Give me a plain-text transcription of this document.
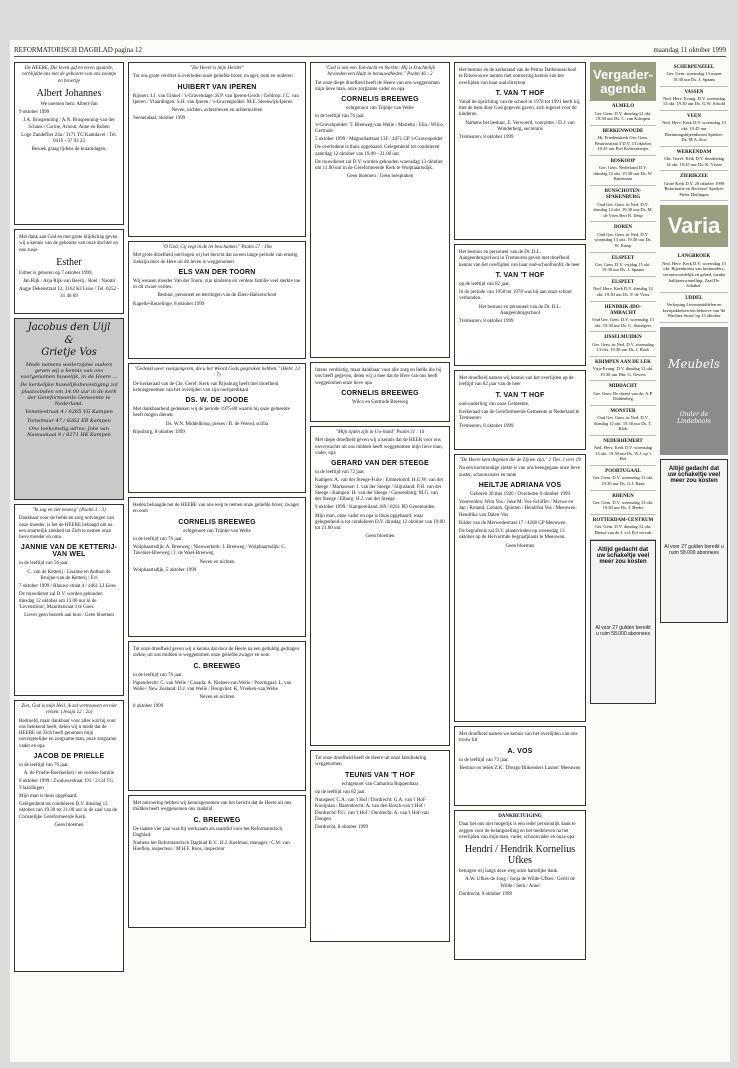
REFORMATORISCH DAGBLAD pagina 12	maandag 11 oktober 1999
De HEERE, Die leven gaf en leven spaarde, verblijdde ons met de geboorte van ons zoontje en broertje
Albert Johannes
We noemen hem: Albert-Jan
9 oktober 1999
J.A. Bruspenning / A.N. Bruspenning-van der Schans / Corine, Arnout, Anne en Ruben
Loge Zandeflier 24a / 3171 TG Kantdavel / Tel. 0416 - 37 93 23
Bezoek graag tijdens de kraamdagen.
Met dank aan God en met grote blijdschap geven wij u kennis van de geboorte van onze dochter en ons zusje
Esther
Esther is geboren op 7 oktober 1999.
Jan Rijk / Arja Rijk-van Beerij / Roel / Naomi
Aagje Dekenstraat 12, 3162 KJ Lisse / Tel. 0252 - 41 46 69
Jacobus den Uijl
&
Grietje Vos
Mede namens wederzijdse ouders geven wij u kennis van ons voorgenomen huwelijk, in de Heere ...
De kerkelijke huwelijksbevestiging zal plaatsvinden om 14.00 uur in de kerk der Gereformeerde Gemeente te Nederland.
Venetiestraat 4 / 8265 VG Kampen
Tomsmuur 47 / 8262 EB Kampen
Ons toekomstig adres: Jobs van Nassaukaai 9 / 8271 HK Kampen
"Ik zag en ziet eeuwig" (Psalm 3 : 3)
Dankbaar voor de liefde en zorg ontvangen van onze moeder, is het de HEERE behaagd om na een smartelijk ziekbed tot Zich te nemen onze lieve moeder en oma
JANNIE VAN DE KETTERIJ-VAN WEL
in de leeftijd van 56 jaar.
C. van de Ketterij / Lisanne en Anthon de Bruijne-van de Ketterij / Evi
7 oktober 1999 / Blauwe straat 4 / 4461 LJ Goes
De rouwdienst zal D.V. worden gehouden dinsdag 12 oktober om 13.00 uur in de 'Levensbron', Mauritsstraat 3 te Goes.
Liever geen bezoek aan huis / Geen bloemen
Ziet, God is mijn Heil, ik zal vertrouwen en niet vrezen. (Jesaja 12 : 2a)
Bedroefd, maar dankbaar voor alles wat hij voor ons betekend heeft, delen wij u mede dat de HEERE tot Zich heeft genomen mijn onvergetelijke en zorgzame man, onze zorgzame vader en opa
JACOB DE PRIELLE
in de leeftijd van 76 jaar.
A. de Prielle-Boerkerken / en verdere familie
8 oktober 1999 / Zwaluwestraat 191 / 2134 TG Vlaardingen
Mijn man is thuis opgebaard.
Gelegenheid tot condoleren D.V. dinsdag 12 oktober van 19.30 tot 21.00 uur in de zaal van de Christelijke Gereformeerde Kerk.
Geen bloemen
"Zie Heere is mijn Herder"
Tot ons grote verdriet is overleden onze geliefde broer, zwager, oom en ouderen
HUIBERT VAN IPEREN
Rijssen: J.J. van Ginkel / 's-Gravendage: H.P. van Iperen-Gerds / Geldrop: J.C. van Iperen / Vlaardingen: S.H. van Iperen / 's-Gravenpolder: M.E. Sleenwijk-Iperen
Neven, nichten, achterneven en achternichten
Veenendaal, oktober 1999
"O God, Gij zegt in de let beschamen." Psalm 57 : 19a
Met grote droefheid ontvingen wij het bericht dat na een lange periode van ernstig ziekzijn door de Here uit dit leven is weggenomen
ELS VAN DER TOORN
Wij wensen moeder Van der Toorn, zijn kinderen en verdere familie veel sterkte toe in dit zware verlies.
Bestuur, personeel en leerlingen van de Eben-Haëzerschool
Kapelle-Biezelinge, 8 oktober 1999
"Gedenkt uwer voorgangeren, die u het Woord Gods gesproken hebben." (Hebr. 13 : 7)
De kerkeraad van de Chr. Geref. Kerk van Rijssburg heeft met droefheid kennisgenomen van het overlijden van zijn oud-predikant
DS. W. DE JOODE
Met dankbaarheid gedenken wij de periode 1975-80 waarin hij onze gemeente heeft mogen dienen.
Ds. W.N. Middelkoop, preses / B. de Woerd, scriba
Rijssburg, 8 oktober 1999
Heden behaagde het de HEERE van ons weg te nemen onze geliefde broer, zwager en oom
CORNELIS BREEWEG
echtgenoot van Trijntje van Welie
in de leeftijd van 76 jaar.
Wolphaartsdijk: A. Breeweg / Nieuwerkerk: J. Breeweg / Wolphaartsdijk: C. Tavenier-Breeweg / J. de Wael-Breeweg
Neven en nichten
Wolphaartsdijk, 5 oktober 1999
Tot onze droefheid geven wij u kennis dat door de Heere na een geduldig gedragen ziekte, uit ons midden is weggenomen onze geliefde zwager en oom
C. BREEWEG
in de leeftijd van 76 jaar.
Papendrecht: C. van Welie / Canada: A. Nielsen-van Welie / Poortugaal: L. van Welie / New Zealand: D.J. van Welie / Hoogvliet: K. Vreeken-van Welie
Neven en nichten
8 oktober 1999
Met ontroering hebben wij kennisgenomen van het bericht dat de Heere uit ons midden heeft weggenomen ons raadslid
C. BREEWEG
De laatste vier jaar was hij werkzaam als raadslid voor het Reformatorisch Dagblad.
Namens het Reformatorisch Dagblad B.V.: H.J. Koelman, manager / C.W. van Hoeflen, inspecteur / M.H.F. Roos, inspecteur
"God is ons een Toevlucht en Sterkte; Hij is krachtelijk bevonden een Hulp in benauwdheden." Psalm 46 : 2
Tot onze diepe droefheid heeft de Heere van ons weggenomen mijn lieve man, onze zorgzame vader en opa
CORNELIS BREEWEG
echtgenoot van Trijntje van Welie
in de leeftijd van 76 jaar.
's-Gravenpolder: T. Breeweg-van Welie / Marietta / Ella / Wilco, Gertrude
5 oktober 1999 / Magnoliastraat 13F / 4471 GP 's-Gravenpolder
De overledene is thuis opgebaard. Gelegenheid tot condoleren zaterdag 12 oktober van 19.00 - 21.00 uur.
De rouwdienst zal D.V. worden gehouden woensdag 13 oktober om 11.00 uur in de Gereformeerde Kerk te Wolphaartsdijk.
Geen bloemen / Geen toespraken
Intens verdrietig, maar dankbaar voor alle zorg en liefde die hij ons heeft gegeven, delen wij u mee dat de Here van ons heeft weggenomen onze lieve opa
CORNELIS BREEWEG
Wilco en Gertrude Breeweg
"Mijn tijden zijn in Uw hand" Psalm 31 : 16
Met diepe droefheid geven wij u kennis dat de HEER voor ons onverwachts uit ons midden heeft weggenomen mijn lieve man, vader, opa
GERARD VAN DER STEEGE
in de leeftijd van 72 jaar.
Kampen: A. van der Steege-Fuite / Emmeloord: H.G.W. van der Steege / Marknesse: J. van der Steege / Stijnsland: P.H. van der Steege / Kampen: H. van der Steege / Giessenburg: M.G. van der Steege / Elburg: H.J. van der Steege
9 oktober 1999 / Kampereiland 169 / 8261 PD Genemuiden
Mijn man, onze vader en opa is thuis opgebaard, waar gelegenheid is tot condoleren D.V. dinsdag 12 oktober van 19.00 tot 21.00 uur.
Geen bloemen
Tot onze droefheid heeft de Heere uit onze familiekring weggenomen
TEUNIS VAN 'T HOF
echtgenoot van Catharina Ruppenbaar
op de leeftijd van 82 jaar.
Nunspeet: C.A. van 't Hof / Dordrecht: G.A. van 't Hof-Kooijman / Barendrecht: A. van den Bosch-van 't Hof / Dordrecht: P.G. van 't Hof / Dordrecht: A. van 't Hof-van Dongen
Dordrecht, 8 oktober 1999
Het bestuur en de kerkeraad van de Petrus Dathenusschool te Ritsswouwe nemen met ontroering kennis van het overlijden van haar oud-directeur
T. VAN 'T HOF
Vanaf de oprichting van de school in 1978 tot 1991 heeft hij, met de hem door God gegeven gaven, zich ingezet voor de kinderen.
Namens het bestuur, E. Verwoerd, voorzitter / D.J. van Wonderberg, secretaris
Tremeuren, 8 oktober 1999
Het bestuur en personeel van de Dr. D.L. Aangeenbrugschool in Tremeuren geven met droefheid kennis van het overlijden van haar oud-schoolhoofd, de heer
T. VAN 'T HOF
op de leeftijd van 82 jaar.
In de periode van 1958 tot 1978 was hij aan onze school verbonden.
Het bestuur en personeel van de Dr. D.L. Aangeenbrugschool
Tremeuren, 8 oktober 1999
Met droefheid namen wij kennis van het overlijden op de leeftijd van 82 jaar van de heer
T. VAN 'T HOF
oud-ouderling van onze Gemeente.
Kerkeraad van de Gereformeerde Gemeente in Nederland te Tremeuren
Tremeuren, 8 oktober 1999
"De Heere kent degenen die de Zijnen zijn." 2 Tim. 2 vers 19
Na een kortstondige ziekte is van ons heengegaan onze lieve zuster, schoonzuster en tante
HEILTJE ADRIANA VOS
Geboren 28 mei 1926 / Overleden 6 oktober 1999
Voorvelden: Wim Vos / Joke M. Vos-Schiffer / Merwe en Jan / Roland, Corsten, Quinten / Hendrika Vos / Meeuwen: Hendrika van Dalen-Vos
Bilder van de Merwedestraat 17 / 4268 GP Meeuwen
De begrafenis zal D.V. plaatsvinden op woensdag 13 oktober op de Hervormde begraafplaats te Meeuwen.
Geen bloemen
Met droefheid namen we kennis van het overlijden van ons trouw lid
A. VOS
in de leeftijd van 73 jaar.
Bestuur en leden Z.K. 'Dreago Blikenders Laxten' Meeuwen
DANKBETUIGING
Daar het ons niet mogelijk is een ieder persoonlijk dank te zeggen voor de belangstelling en het medeleven na het overlijden van mijn man, vader, schoonvader en onze opa
Hendri / Hendrik Kornelius Ufkes
betuigen wij langs deze weg onze hartelijke dank.
A.W. Ufkes-de Jong / Jonja de Wilde-Ufkes / Gerrit de Wilde / Sem / Anne
Dordrecht, 9 oktober 1999
Vergader-agenda
ALMELO
Ger. Gem. D.V. dinsdag 12 okt. 19.30 uur Ds. C. van Krimpen
BERKENWOUDE
Hr. Friedenskerk Ger. Gem. Beatrixstraat 3 D.V. 13 oktober 19.45 uur Piet Kolstermeijer
BOSKOOP
Ger. Gem. Nederland D.V. dinsdag 12 okt. 19.30 uur Ds. W. Ruizenaar
BUNSCHOTEN-SPAKENBURG
Oud Ger. Gem. in Ned. D.V. dinsdag 12 okt. 19.30 uur Ds. M. de Vries Bert R. Desp
DOREN
Oud Ger. Gem. in Ned. D.V. woensdag 13 okt. 19.30 uur Ds. W. Karsp
ELSPEET
Ger. Gem. D.V. vrijdag 15 okt. 19.30 uur Ds. J. Spaans
ELSPEET
Ned. Herv. Kerk D.V. dinsdag 12 okt. 19.30 uur Ds. P. de Vries
HENDRIK-IDO-AMBACHT
Oud Ger. Gem. D.V. woensdag 13 okt. 19.30 uur Ds. C. Stanegeer
IJSSELMUIDEN
Ger. Gem. in Ned. D.V. woensdag 13 okt. 19.30 uur Ds. J. Ravk
KRIMPEN AAN DE LEK
Vrije Evang. D.V. dinsdag 12 okt. 19.30 uur Dhr. G. Gevers
MIDDACHT
Ger. Gem. De dienst van de. A.P. Diddenbeg
MONSTER
Oud Ger. Gem. in Ned. D.V. dinsdag 12 okt. 19.30 uur Ds. T. Klok
NEDERHEMERT
Ned. Herv. Kerk D.V. woensdag 13 okt. 19.30 uur Ds. W.J. op 't Hof
POORTUGAAL
Ger. Gem. D.V. woensdag 13 okt. 19.30 uur Ds. G.J. Baan
RHENEN
Ger. Gem. D.V. woensdag 13 okt. 19.30 uur Ds. J. Beeke
ROTTERDAM-CENTRUM
Ger. Gem. D.V. dinsdag 12 okt. Dienst van de J. v.d. Pol vervalt
Altijd gedacht dat uw schakeltje veel meer zou kosten
Al voor 27 gulden bereikt u ruim 58.000 abonnees
SCHERPENZEEL
Ger. Gem. woensdag 13 maart 19.30 uur Ds. J. Spaans
VASSEN
Ned. Herv. Evang. D.V. woensdag 13 okt. 19.30 uur Ds. G.W. Schold
VEEN
Ned. Herv. Kerk D.V. woensdag 13 okt. 19.45 uur Bezinningsbijeenkomst Spreker: Ds. M.A. Kos
WERKENDAM
Chr. Geref. Kerk D.V. donderdag 14 okt. 19.45 uur Ds. K. Visser
ZIERIKZEE
Grote Kerk D.V. 20 oktober 1999 'Reformatie en Reclasse' Spreker: Pieter Heilingen
Varia
LANGBROEK
Ned. Herv. Kerk D.V. woensdag 13 okt. Bijeenkomst van bestuurders, verantwoordelijk en gebed, inzake halfjaarswintelling. Zaal De Schakel.
UDDEL
Verkoping Levensmiddelen en kerstpakketten ten behoeve van 'de Wachter Sions' op 13 oktober
Meubels
Onder de Lindeboom
Altijd gedacht dat uw schakeltje veel meer zou kosten
Al voor 27 gulden bereikt u ruim 58.000 abonnees
